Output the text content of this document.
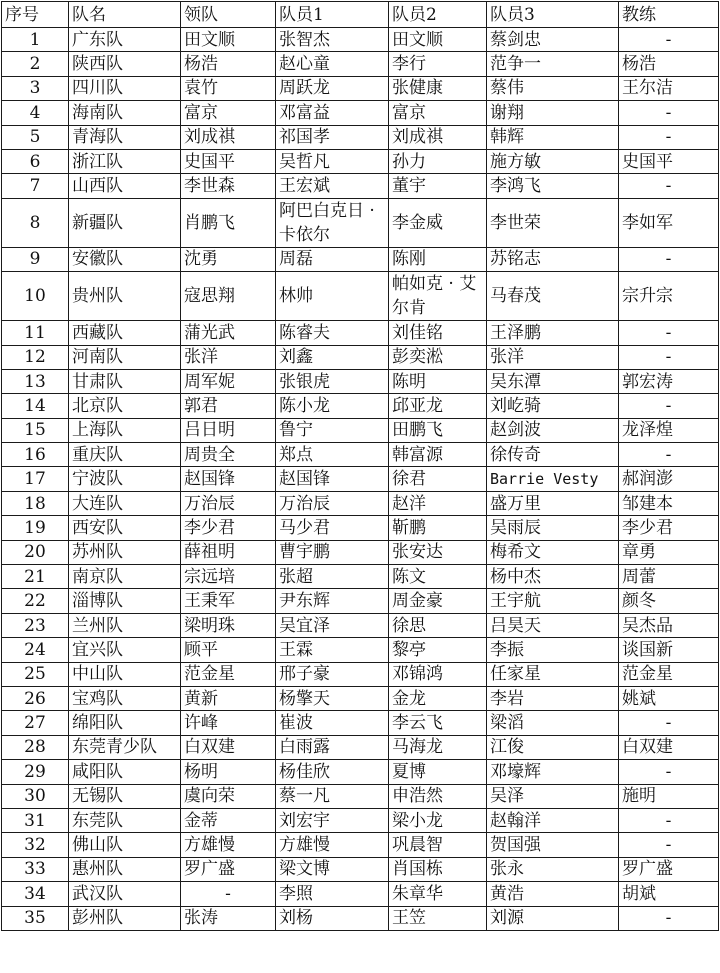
序号	队名	领队	队员1	队员2	队员3	教练
1	广东队	田文顺	张智杰	田文顺	蔡剑忠	-
2	陕西队	杨浩	赵心童	李行	范争一	杨浩
3	四川队	袁竹	周跃龙	张健康	蔡伟	王尔洁
4	海南队	富京	邓富益	富京	谢翔	-
5	青海队	刘成祺	祁国孝	刘成祺	韩辉	-
6	浙江队	史国平	吴哲凡	孙力	施方敏	史国平
7	山西队	李世森	王宏斌	董宇	李鸿飞	-
8	新疆队	肖鹏飞	阿巴白克日 · 卡依尔	李金威	李世荣	李如军
9	安徽队	沈勇	周磊	陈刚	苏铭志	-
10	贵州队	寇思翔	林帅	帕如克 · 艾尔肯	马春茂	宗升宗
11	西藏队	蒲光武	陈睿夫	刘佳铭	王泽鹏	-
12	河南队	张洋	刘鑫	彭奕淞	张洋	-
13	甘肃队	周军妮	张银虎	陈明	吴东潭	郭宏涛
14	北京队	郭君	陈小龙	邱亚龙	刘屹骑	-
15	上海队	吕日明	鲁宁	田鹏飞	赵剑波	龙泽煌
16	重庆队	周贵全	郑点	韩富源	徐传奇	-
17	宁波队	赵国锋	赵国锋	徐君	Barrie Vesty	郝润澎
18	大连队	万治辰	万治辰	赵洋	盛万里	邹建本
19	西安队	李少君	马少君	靳鹏	吴雨辰	李少君
20	苏州队	薛祖明	曹宇鹏	张安达	梅希文	章勇
21	南京队	宗远培	张超	陈文	杨中杰	周蕾
22	淄博队	王秉军	尹东辉	周金豪	王宇航	颜冬
23	兰州队	梁明珠	吴宜泽	徐思	吕昊天	吴杰品
24	宜兴队	顾平	王霖	黎亭	李振	谈国新
25	中山队	范金星	邢子豪	邓锦鸿	任家星	范金星
26	宝鸡队	黄新	杨擎天	金龙	李岩	姚斌
27	绵阳队	许峰	崔波	李云飞	梁滔	-
28	东莞青少队	白双建	白雨露	马海龙	江俊	白双建
29	咸阳队	杨明	杨佳欣	夏博	邓壕辉	-
30	无锡队	虞向荣	蔡一凡	申浩然	吴泽	施明
31	东莞队	金蒂	刘宏宇	梁小龙	赵翰洋	-
32	佛山队	方雄慢	方雄慢	巩晨智	贺国强	-
33	惠州队	罗广盛	梁文博	肖国栋	张永	罗广盛
34	武汉队	-	李照	朱章华	黄浩	胡斌
35	彭州队	张涛	刘杨	王笠	刘源	-
